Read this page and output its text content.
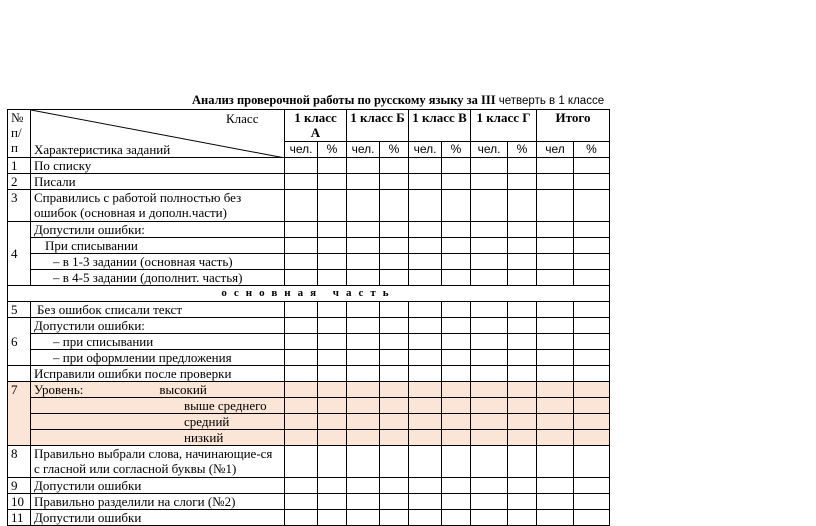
Анализ проверочной работы по русскому языку за III четверть в 1 классе
№ п/п	Класс
Характеристика заданий	1 класс А		1 класс Б		1 класс В		1 класс Г		Итого	
		чел.	%	чел.	%	чел.	%	чел.	%	чел	%
1	По списку										
2	Писали										
3	Справились с работой полностью без ошибок (основная и дополн.части)										
4	Допустили ошибки:										
	При списывании										
	– в 1-3 задании (основная часть)										
	– в 4-5 задании (дополнит. частья)										
основная часть											
5	Без ошибок списали текст										
6	Допустили ошибки:										
	– при списывании										
	– при оформлении предложения										
	Исправили ошибки после проверки										
7	Уровень: высокий										
	выше среднего										
	средний										
	низкий										
8	Правильно выбрали слова, начинающие-ся с гласной или согласной буквы (№1)										
9	Допустили ошибки										
10	Правильно разделили на слоги (№2)										
11	Допустили ошибки										
